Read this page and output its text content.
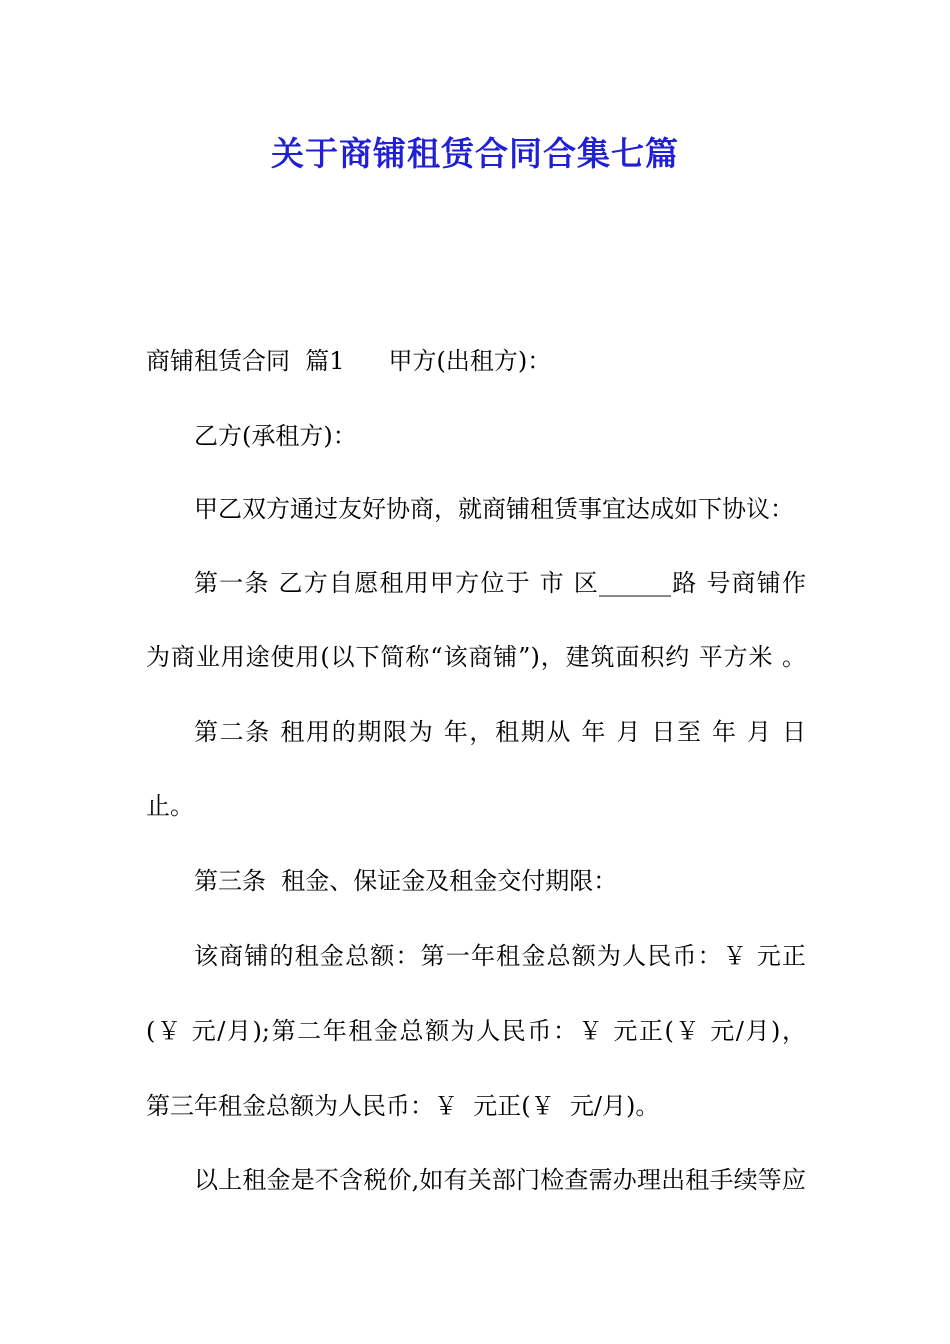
关于商铺租赁合同合集七篇

商铺租赁合同  篇1 甲方(出租方)：

乙方(承租方)：

甲乙双方通过友好协商，就商铺租赁事宜达成如下协议：

第一条 乙方自愿租用甲方位于 市 区______路 号商铺作

为商业用途使用(以下简称“该商铺”)，建筑面积约 平方米 。

第二条 租用的期限为 年，租期从 年 月 日至 年 月 日

止。

第三条  租金、保证金及租金交付期限：

该商铺的租金总额：第一年租金总额为人民币：￥ 元正

(￥ 元/月);第二年租金总额为人民币：￥ 元正(￥ 元/月)，

第三年租金总额为人民币：￥  元正(￥  元/月)。

以上租金是不含税价,如有关部门检查需办理出租手续等应
